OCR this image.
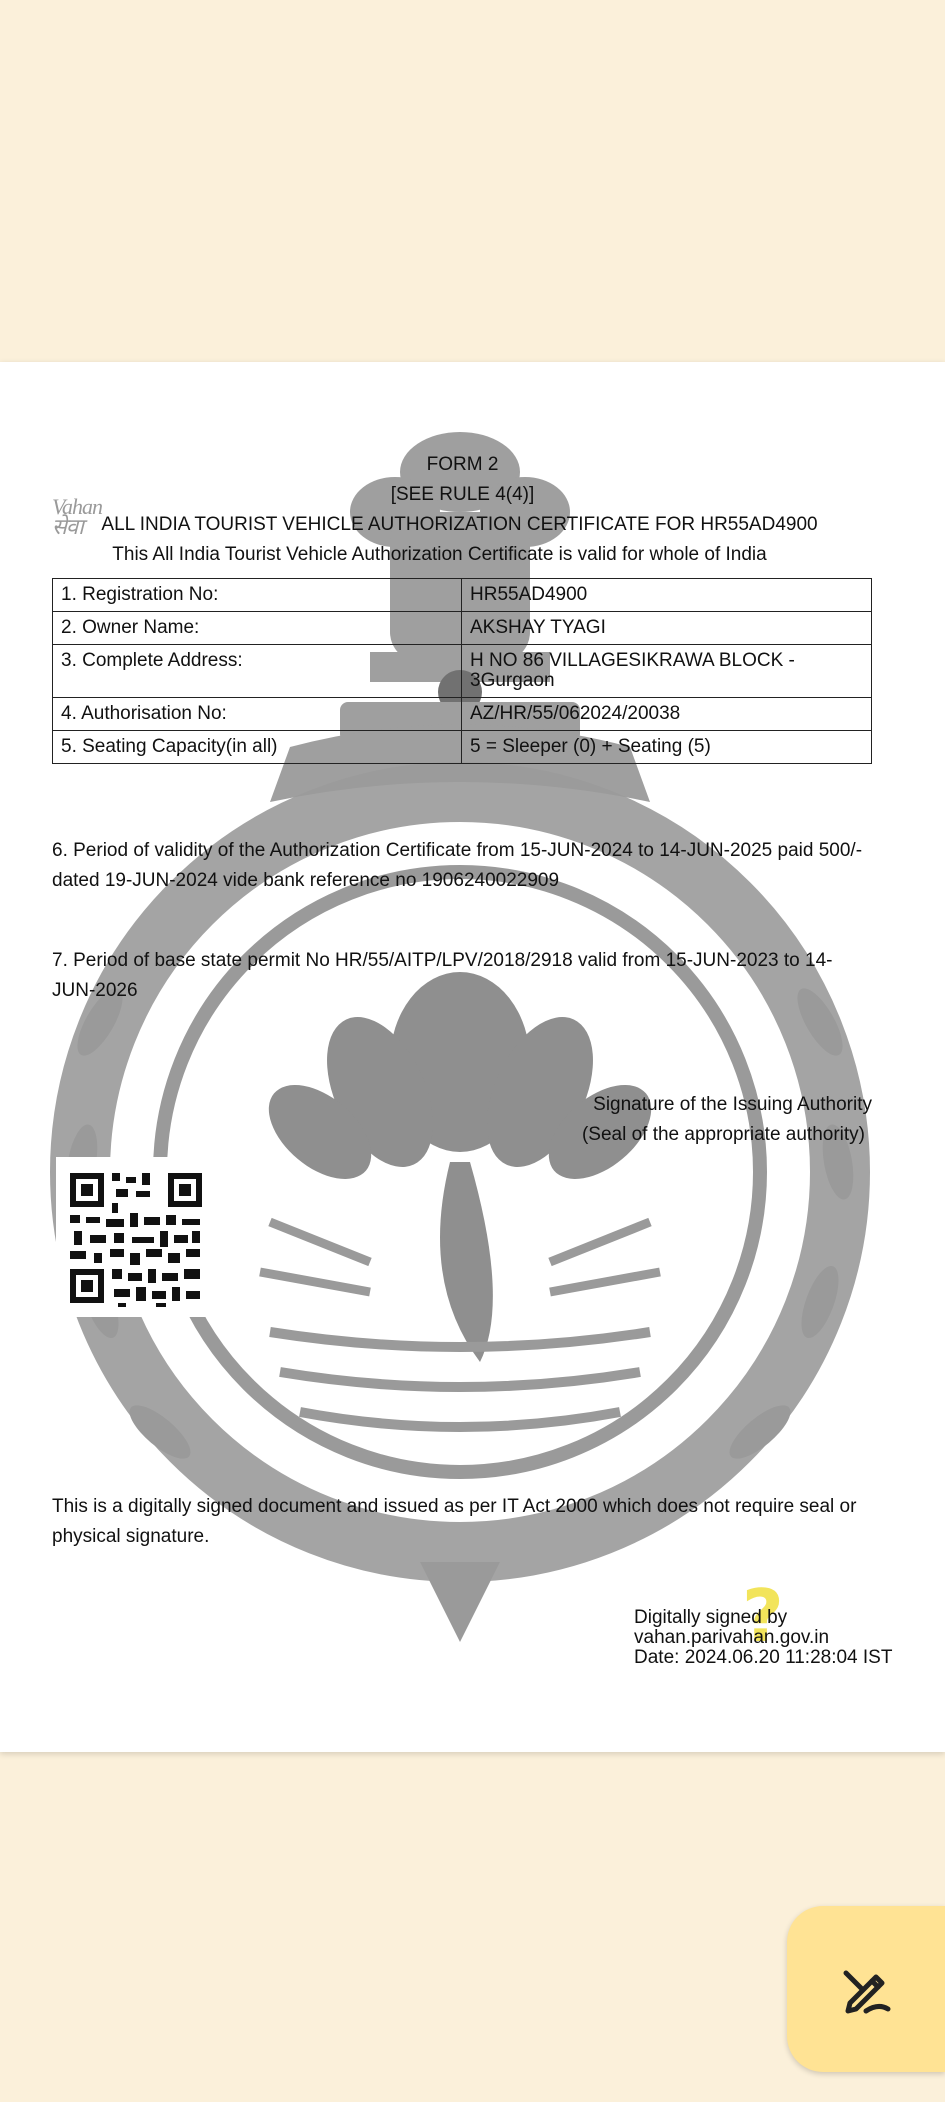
Vahan
सेवा
FORM 2
[SEE RULE 4(4)]
ALL INDIA TOURIST VEHICLE AUTHORIZATION CERTIFICATE FOR HR55AD4900
This All India Tourist Vehicle Authorization Certificate is valid for whole of India
1. Registration No:	HR55AD4900
2. Owner Name:	AKSHAY TYAGI
3. Complete Address:	H NO 86 VILLAGESIKRAWA BLOCK - 3Gurgaon
4. Authorisation No:	AZ/HR/55/062024/20038
5. Seating Capacity(in all)	5 = Sleeper (0) + Seating (5)
6. Period of validity of the Authorization Certificate from 15-JUN-2024 to 14-JUN-2025 paid 500/- dated 19-JUN-2024 vide bank reference no 1906240022909
7. Period of base state permit No HR/55/AITP/LPV/2018/2918 valid from 15-JUN-2023 to 14-JUN-2026
Signature of the Issuing Authority
(Seal of the appropriate authority)
This is a digitally signed document and issued as per IT Act 2000 which does not require seal or physical signature.
?
Digitally signed by
vahan.parivahan.gov.in
Date: 2024.06.20 11:28:04 IST
